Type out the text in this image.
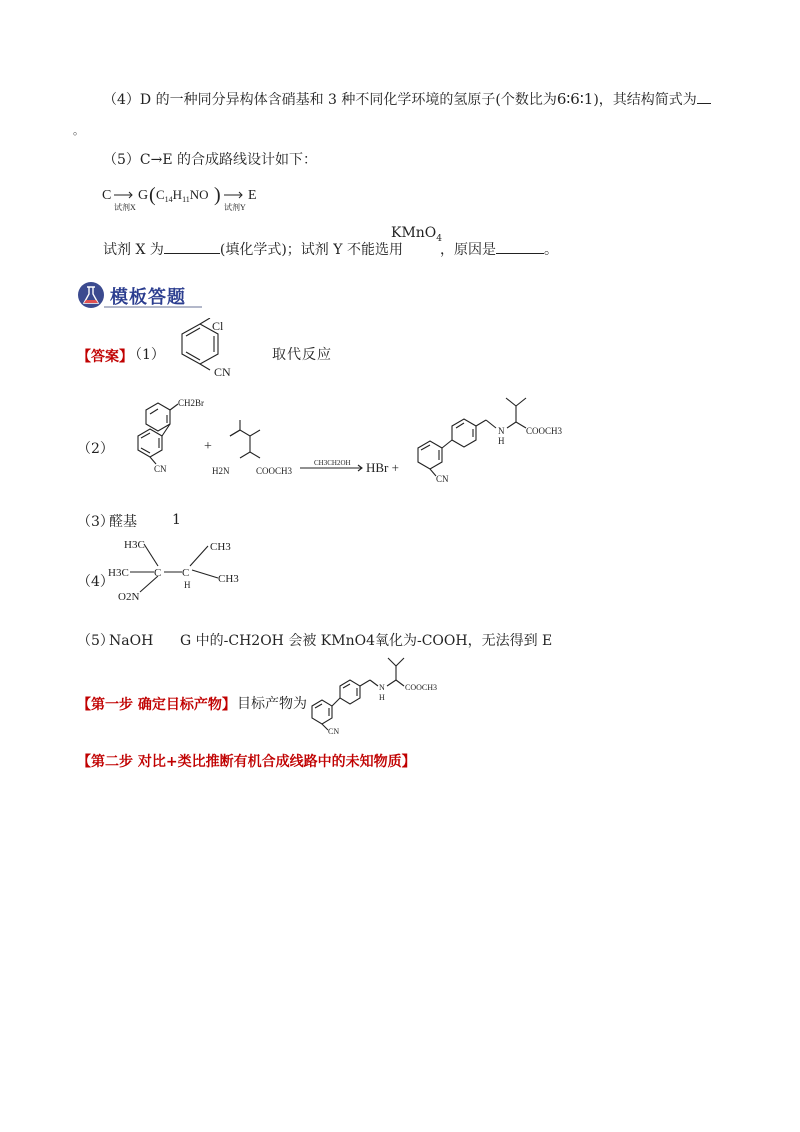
（4）D 的一种同分异构体含硝基和 3 种不同化学环境的氢原子(个数比为6∶6∶1)，其结构简式为
。
（5）C→E 的合成路线设计如下：
C
试剂X
G ( $C_{14}H_{11}NO$ )
试剂Y
E
试剂 X 为	(填化学式)；试剂 Y 不能选用
KMnO$_4$
，原因是	。
模板答题
【答案】
（1）
Cl
CN
取代反应
（2）
CH2Br
CN
+
H2N	COOCH3
CH3CH2OH HBr +
N
H
COOCH3
CN
（3）
醛基	1
（4）
H3C
H3C
O2N
C C
H
CH3
CH3
（5）
NaOH G 中的-CH2OH 会被 KMnO4氧化为-COOH，无法得到 E
【第一步 确定目标产物】 目标产物为
N
H
COOCH3
CN
【第二步 对比+类比推断有机合成线路中的未知物质】
